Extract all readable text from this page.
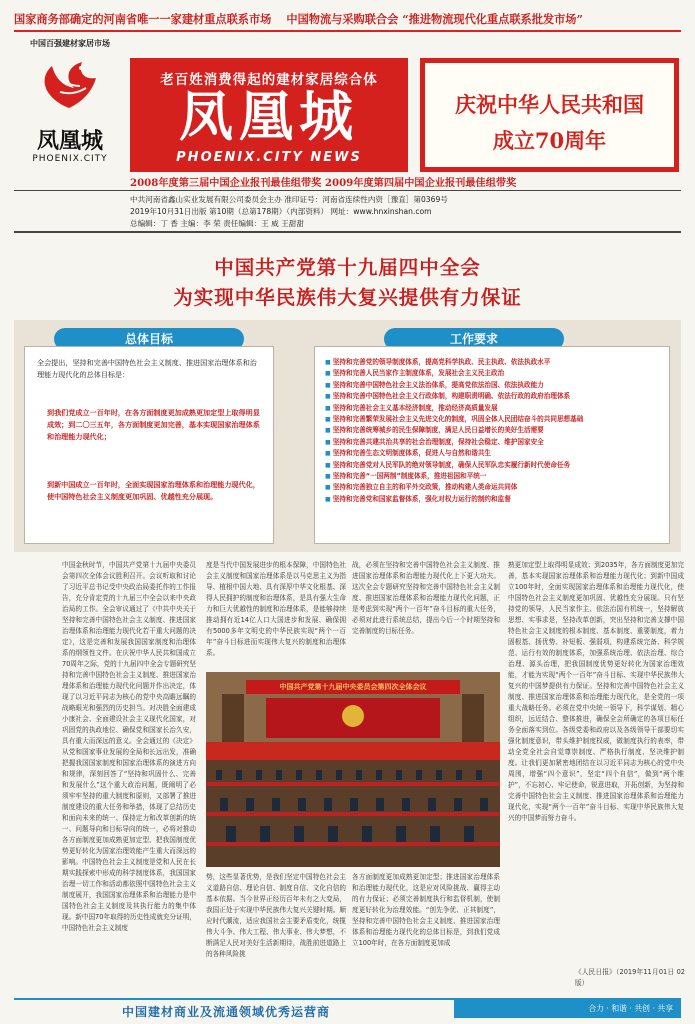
国家商务部确定的河南省唯一一家建材重点联系市场 中国物流与采购联合会 “推进物流现代化重点联系批发市场”
中国百强建材家居市场
凤凰城
PHOENIX.CITY
老百姓消费得起的建材家居综合体
凤凰城
PHOENIX.CITY NEWS
庆祝中华人民共和国
成立70周年
2008年度第三届中国企业报刊最佳组带奖 2009年度第四届中国企业报刊最佳组带奖
中共河南省鑫山实业发展有限公司委员会主办 准印证号：河南省连续性内资［豫直］第0369号
2019年10月31日出版 第10期（总第178期）（内部资料） 网址：www.hnxinshan.com
总编辑：丁 香 主编：李 荣 责任编辑：王 威 王甜甜
中国共产党第十九届四中全会
为实现中华民族伟大复兴提供有力保证
总体目标
全会提出，坚持和完善中国特色社会主义制度、推进国家治理体系和治理能力现代化的总体目标是：
到我们党成立一百年时，在各方面制度更加成熟更加定型上取得明显成效；到二〇三五年，各方面制度更加完善，基本实现国家治理体系和治理能力现代化；
到新中国成立一百年时，全面实现国家治理体系和治理能力现代化，使中国特色社会主义制度更加巩固、优越性充分展现。
工作要求
■ 坚持和完善党的领导制度体系，提高党科学执政、民主执政、依法执政水平
■ 坚持和完善人民当家作主制度体系，发展社会主义民主政治
■ 坚持和完善中国特色社会主义法治体系，提高党依法治国、依法执政能力
■ 坚持和完善中国特色社会主义行政体制，构建职责明确、依法行政的政府治理体系
■ 坚持和完善社会主义基本经济制度，推动经济高质量发展
■ 坚持和完善繁荣发展社会主义先进文化的制度，巩固全体人民团结奋斗的共同思想基础
■ 坚持和完善统筹城乡的民生保障制度，满足人民日益增长的美好生活需要
■ 坚持和完善共建共治共享的社会治理制度，保持社会稳定、维护国家安全
■ 坚持和完善生态文明制度体系，促进人与自然和谐共生
■ 坚持和完善党对人民军队的绝对领导制度，确保人民军队忠实履行新时代使命任务
■ 坚持和完善“一国两制”制度体系，推进祖国和平统一
■ 坚持和完善独立自主的和平外交政策，推动构建人类命运共同体
■ 坚持和完善党和国家监督体系，强化对权力运行的制约和监督
中国金秋时节，中国共产党第十九届中央委员会第四次全体会议胜利召开。会议听取和讨论了习近平总书记受中央政治局委托作的工作报告，充分肯定党的十九届三中全会以来中央政治局的工作。全会审议通过了《中共中央关于坚持和完善中国特色社会主义制度、推进国家治理体系和治理能力现代化若干重大问题的决定》，这是完善和发展我国国家制度和治理体系的纲领性文件。在庆祝中华人民共和国成立70周年之际，党的十九届四中全会专题研究坚持和完善中国特色社会主义制度、推进国家治理体系和治理能力现代化问题并作出决定，体现了以习近平同志为核心的党中央高瞻远瞩的战略眼光和强烈的历史担当。对决胜全面建成小康社会、全面建设社会主义现代化国家，对巩固党的执政地位、确保党和国家长治久安，具有重大而深远的意义。全会通过的《决定》从党和国家事业发展的全局和长远出发，准确把握我国国家制度和国家治理体系的演进方向和规律，深刻回答了“坚持和巩固什么、完善和发展什么”这个重大政治问题，既阐明了必须牢牢坚持的重大制度和原则，又部署了推进制度建设的重大任务和举措，体现了总结历史和面向未来的统一、保持定力和改革创新的统一、问题导向和目标导向的统一，必将对推动各方面制度更加成熟更加定型、把我国制度优势更好转化为国家治理效能产生重大而深远的影响。中国特色社会主义制度是党和人民在长期实践探索中形成的科学制度体系，我国国家治理一切工作和活动都依照中国特色社会主义制度展开，我国国家治理体系和治理能力是中国特色社会主义制度及其执行能力的集中体现。新中国70年取得的历史性成就充分证明，中国特色社会主义制度
度是当代中国发展进步的根本保障，中国特色社会主义制度和国家治理体系是以马克思主义为指导、植根中国大地、具有深厚中华文化根基、深得人民拥护的制度和治理体系，是具有强大生命力和巨大优越性的制度和治理体系，是能够持续推动拥有近14亿人口大国进步和发展、确保拥有5000多年文明史的中华民族实现“两个一百年”奋斗目标进而实现伟大复兴的制度和治理体系。
战，必须在坚持和完善中国特色社会主义制度、推进国家治理体系和治理能力现代化上下更大功夫。这次全会专题研究坚持和完善中国特色社会主义制度、推进国家治理体系和治理能力现代化问题，正是考虑到实现“两个一百年”奋斗目标的重大任务，必须对此进行系统总结，提出今后一个时期坚持和完善制度的目标任务。
熟更加定型上取得明显成效；到2035年，各方面制度更加完善，基本实现国家治理体系和治理能力现代化；到新中国成立100年时，全面实现国家治理体系和治理能力现代化，使中国特色社会主义制度更加巩固、优越性充分展现。只有坚持党的领导，人民当家作主、依法治国有机统一，坚持解放思想、实事求是，坚持改革创新，突出坚持和完善支撑中国特色社会主义制度的根本制度、基本制度、重要制度，着力固根基、扬优势、补短板、强弱项，构建系统完备、科学规范、运行有效的制度体系，加强系统治理、依法治理、综合治理、源头治理，把我国制度优势更好转化为国家治理效能，才能为实现“两个一百年”奋斗目标、实现中华民族伟大复兴的中国梦提供有力保证。坚持和完善中国特色社会主义制度、推进国家治理体系和治理能力现代化，是全党的一项重大战略任务。必须在党中央统一领导下，科学谋划、精心组织，远近结合、整体推进，确保全会所确定的各项目标任务全面落实到位。各级党委和政府以及各级领导干部要切实强化制度意识，带头维护制度权威，做制度执行的表率，带动全党全社会自觉尊崇制度、严格执行制度、坚决维护制度。让我们更加紧密地团结在以习近平同志为核心的党中央周围，增强“四个意识”，坚定“四个自信”，做到“两个维护”，不忘初心、牢记使命，锐意进取，开拓创新，为坚持和完善中国特色社会主义制度、推进国家治理体系和治理能力现代化，实现“两个一百年”奋斗目标、实现中华民族伟大复兴的中国梦而努力奋斗。
势，这些显著优势，是我们坚定中国特色社会主义道路自信、理论自信、制度自信、文化自信的基本依据。当今世界正经历百年未有之大变局，我国正处于实现中华民族伟大复兴关键时期。顺应时代潮流，适应我国社会主要矛盾变化，统揽伟大斗争、伟大工程、伟大事业、伟大梦想，不断满足人民对美好生活新期待，战胜前进道路上的各种风险挑
各方面制度更加成熟更加定型；推进国家治理体系和治理能力现代化，这是应对风险挑战、赢得主动的有力保证；必须完善制度执行和监督机制，使制度更好转化为治理效能。“创先争优、正其制度”，坚持和完善中国特色社会主义制度、推进国家治理体系和治理能力现代化的总体目标是，到我们党成立100年时，在各方面制度更加成
《人民日报》（2019年11月01日 02版）
中国共产党第十九届中央委员会第四次全体会议
中国建材商业及流通领域优秀运营商	合力 · 和谐 · 共创 · 共享
